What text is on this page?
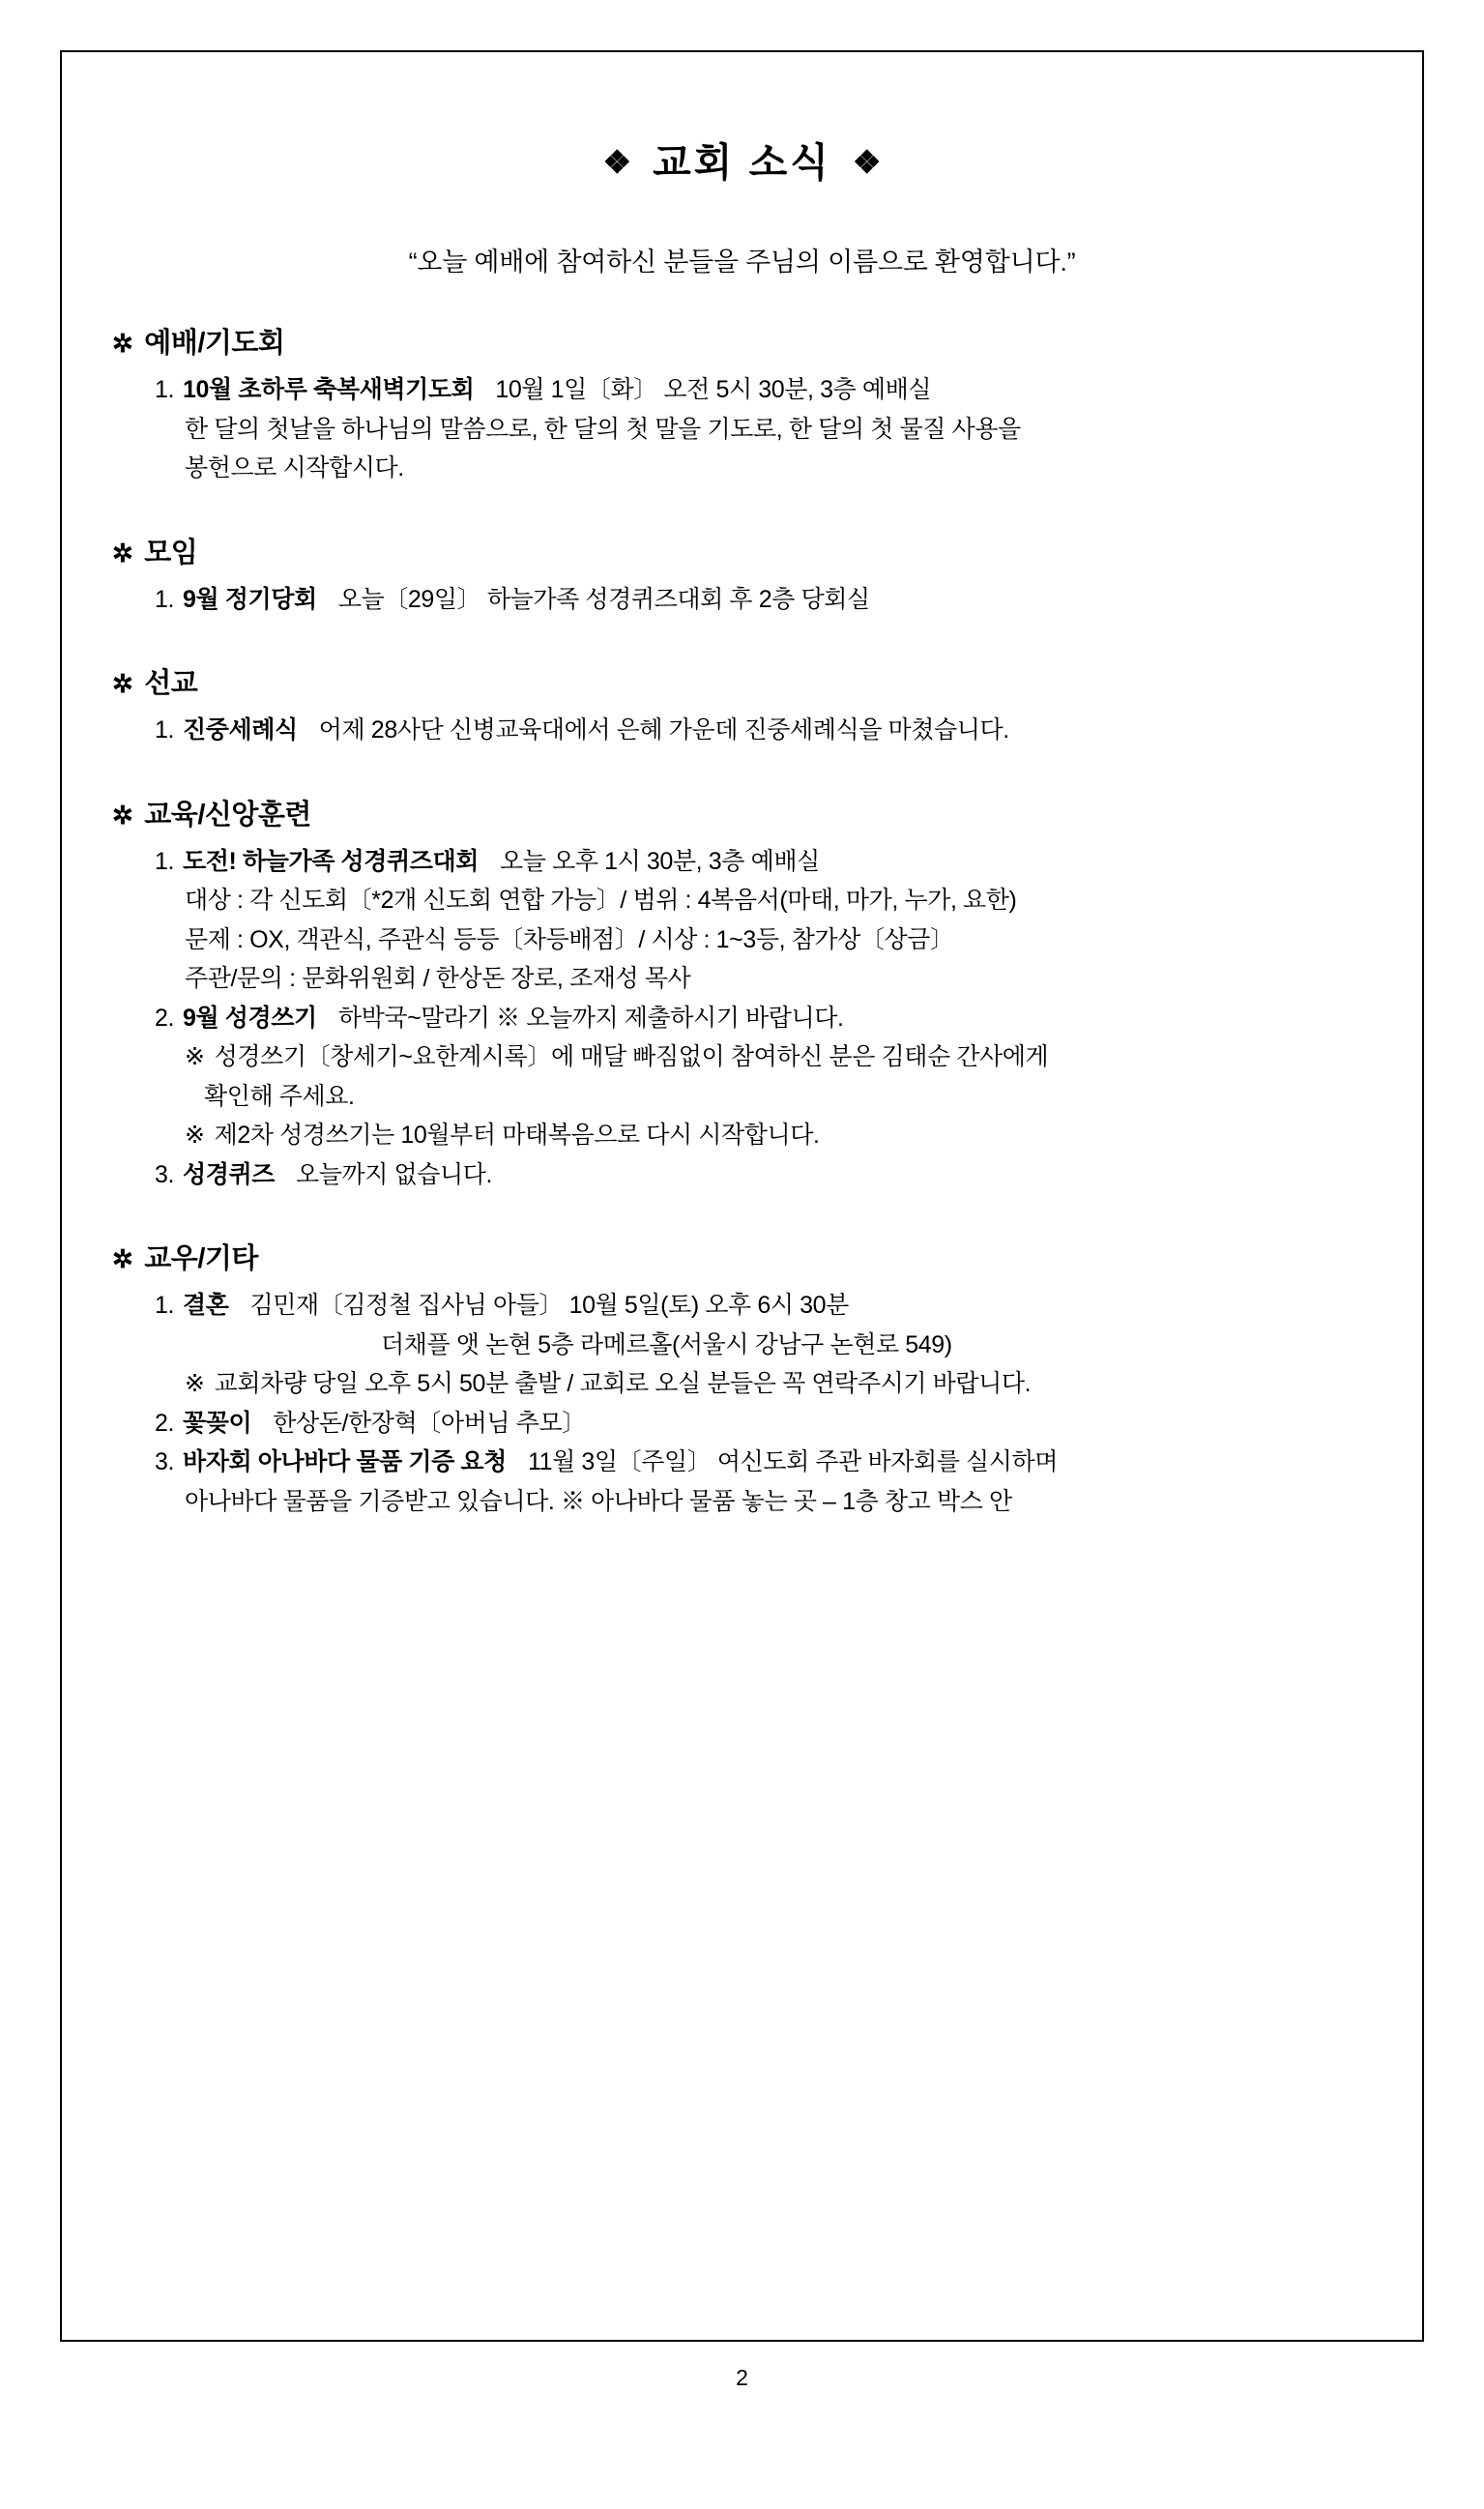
❖ 교회 소식 ❖
“오늘 예배에 참여하신 분들을 주님의 이름으로 환영합니다.”
✲ 예배/기도회
1. 10월 초하루 축복새벽기도회 10월 1일〔화〕 오전 5시 30분, 3층 예배실
한 달의 첫날을 하나님의 말씀으로, 한 달의 첫 말을 기도로, 한 달의 첫 물질 사용을
봉헌으로 시작합시다.
✲ 모임
1. 9월 정기당회 오늘〔29일〕 하늘가족 성경퀴즈대회 후 2층 당회실
✲ 선교
1. 진중세례식 어제 28사단 신병교육대에서 은혜 가운데 진중세례식을 마쳤습니다.
✲ 교육/신앙훈련
1. 도전! 하늘가족 성경퀴즈대회 오늘 오후 1시 30분, 3층 예배실
대상 : 각 신도회〔*2개 신도회 연합 가능〕/ 범위 : 4복음서(마태, 마가, 누가, 요한)
문제 : OX, 객관식, 주관식 등등〔차등배점〕/ 시상 : 1~3등, 참가상〔상금〕
주관/문의 : 문화위원회 / 한상돈 장로, 조재성 목사
2. 9월 성경쓰기 하박국~말라기 ※ 오늘까지 제출하시기 바랍니다.
※ 성경쓰기〔창세기~요한계시록〕에 매달 빠짐없이 참여하신 분은 김태순 간사에게
확인해 주세요.
※ 제2차 성경쓰기는 10월부터 마태복음으로 다시 시작합니다.
3. 성경퀴즈 오늘까지 없습니다.
✲ 교우/기타
1. 결혼 김민재〔김정철 집사님 아들〕 10월 5일(토) 오후 6시 30분
더채플 앳 논현 5층 라메르홀(서울시 강남구 논현로 549)
※ 교회차량 당일 오후 5시 50분 출발 / 교회로 오실 분들은 꼭 연락주시기 바랍니다.
2. 꽃꽂이 한상돈/한장혁〔아버님 추모〕
3. 바자회 아나바다 물품 기증 요청 11월 3일〔주일〕 여신도회 주관 바자회를 실시하며
아나바다 물품을 기증받고 있습니다. ※ 아나바다 물품 놓는 곳 – 1층 창고 박스 안
2
